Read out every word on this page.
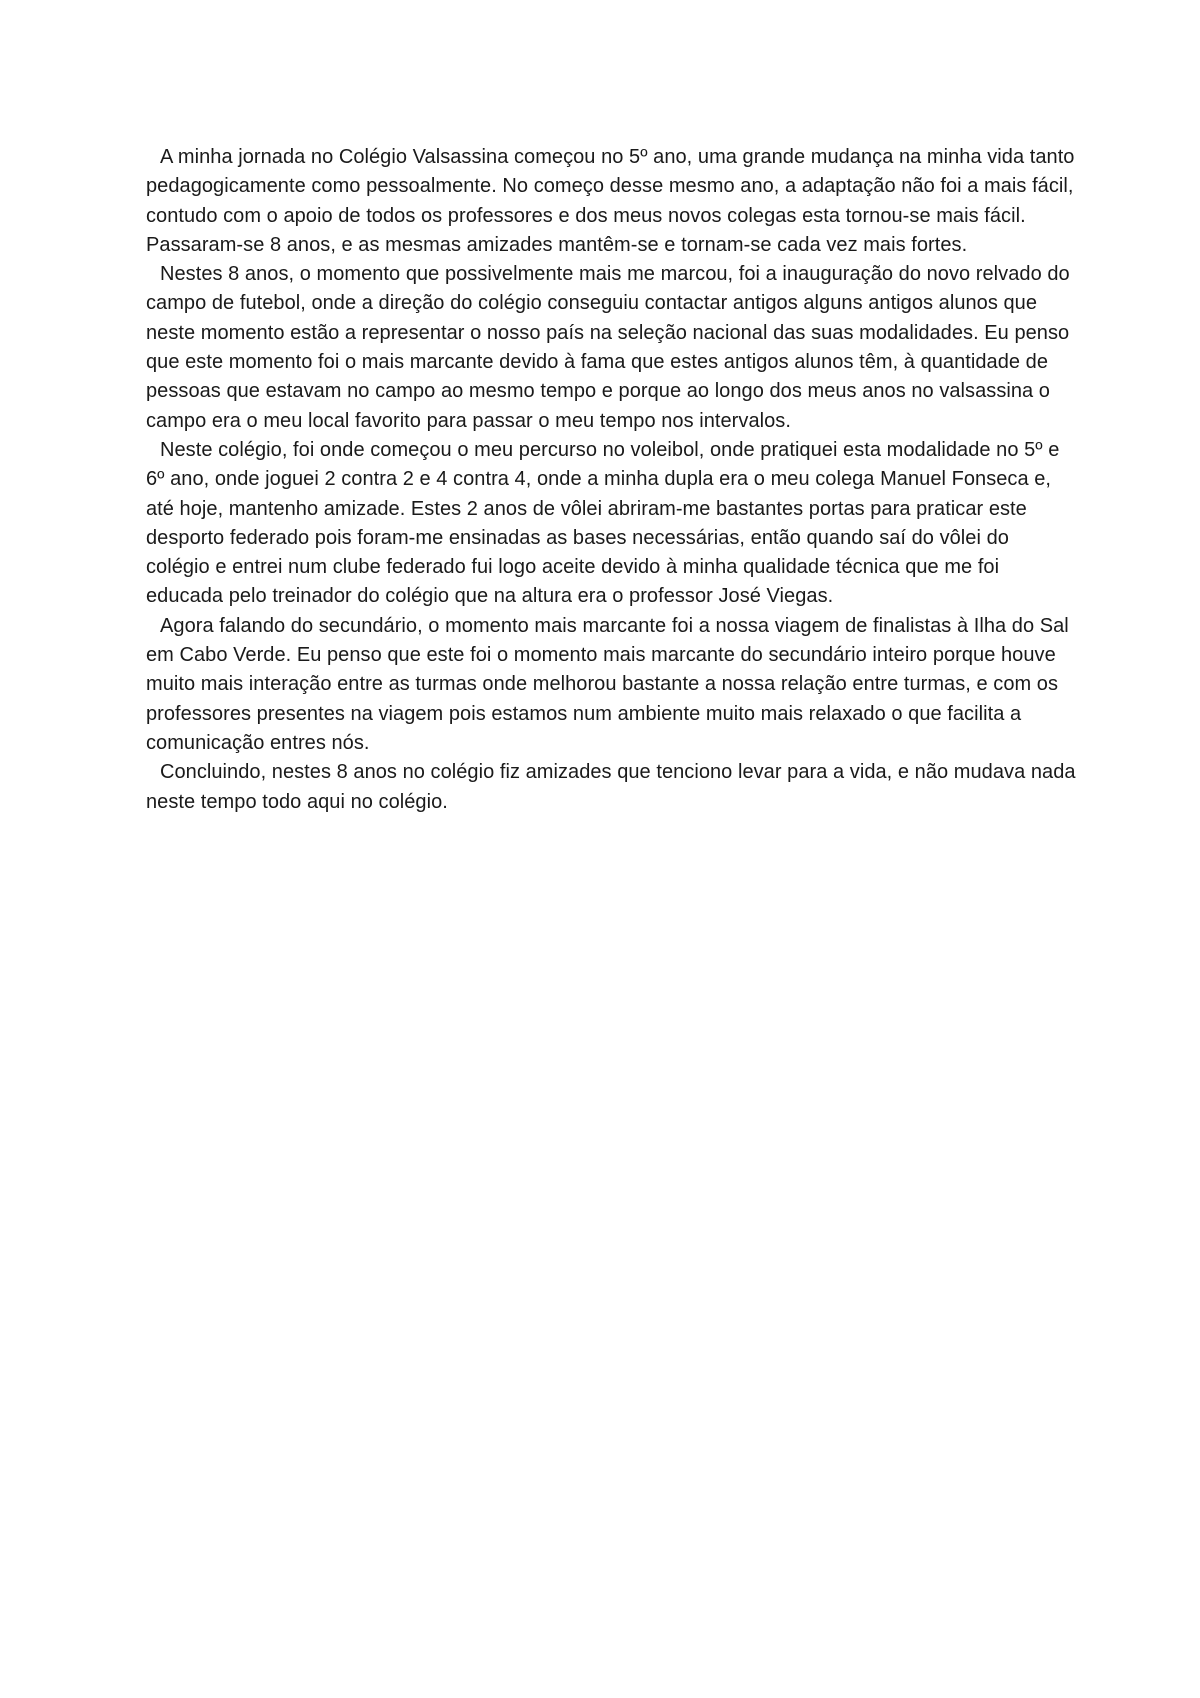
A minha jornada no Colégio Valsassina começou no 5º ano, uma grande mudança na minha vida tanto pedagogicamente como pessoalmente. No começo desse mesmo ano, a adaptação não foi a mais fácil, contudo com o apoio de todos os professores e dos meus novos colegas esta tornou-se mais fácil. Passaram-se 8 anos, e as mesmas amizades mantêm-se e tornam-se cada vez mais fortes.

Nestes 8 anos, o momento que possivelmente mais me marcou, foi a inauguração do novo relvado do campo de futebol, onde a direção do colégio conseguiu contactar antigos alguns antigos alunos que neste momento estão a representar o nosso país na seleção nacional das suas modalidades. Eu penso que este momento foi o mais marcante devido à fama que estes antigos alunos têm, à quantidade de pessoas que estavam no campo ao mesmo tempo e porque ao longo dos meus anos no valsassina o campo era o meu local favorito para passar o meu tempo nos intervalos.

Neste colégio, foi onde começou o meu percurso no voleibol, onde pratiquei esta modalidade no 5º e 6º ano, onde joguei 2 contra 2 e 4 contra 4, onde a minha dupla era o meu colega Manuel Fonseca e, até hoje, mantenho amizade. Estes 2 anos de vôlei abriram-me bastantes portas para praticar este desporto federado pois foram-me ensinadas as bases necessárias, então quando saí do vôlei do colégio e entrei num clube federado fui logo aceite devido à minha qualidade técnica que me foi educada pelo treinador do colégio que na altura era o professor José Viegas.

Agora falando do secundário, o momento mais marcante foi a nossa viagem de finalistas à Ilha do Sal em Cabo Verde. Eu penso que este foi o momento mais marcante do secundário inteiro porque houve muito mais interação entre as turmas onde melhorou bastante a nossa relação entre turmas, e com os professores presentes na viagem pois estamos num ambiente muito mais relaxado o que facilita a comunicação entres nós.

Concluindo, nestes 8 anos no colégio fiz amizades que tenciono levar para a vida, e não mudava nada neste tempo todo aqui no colégio.
